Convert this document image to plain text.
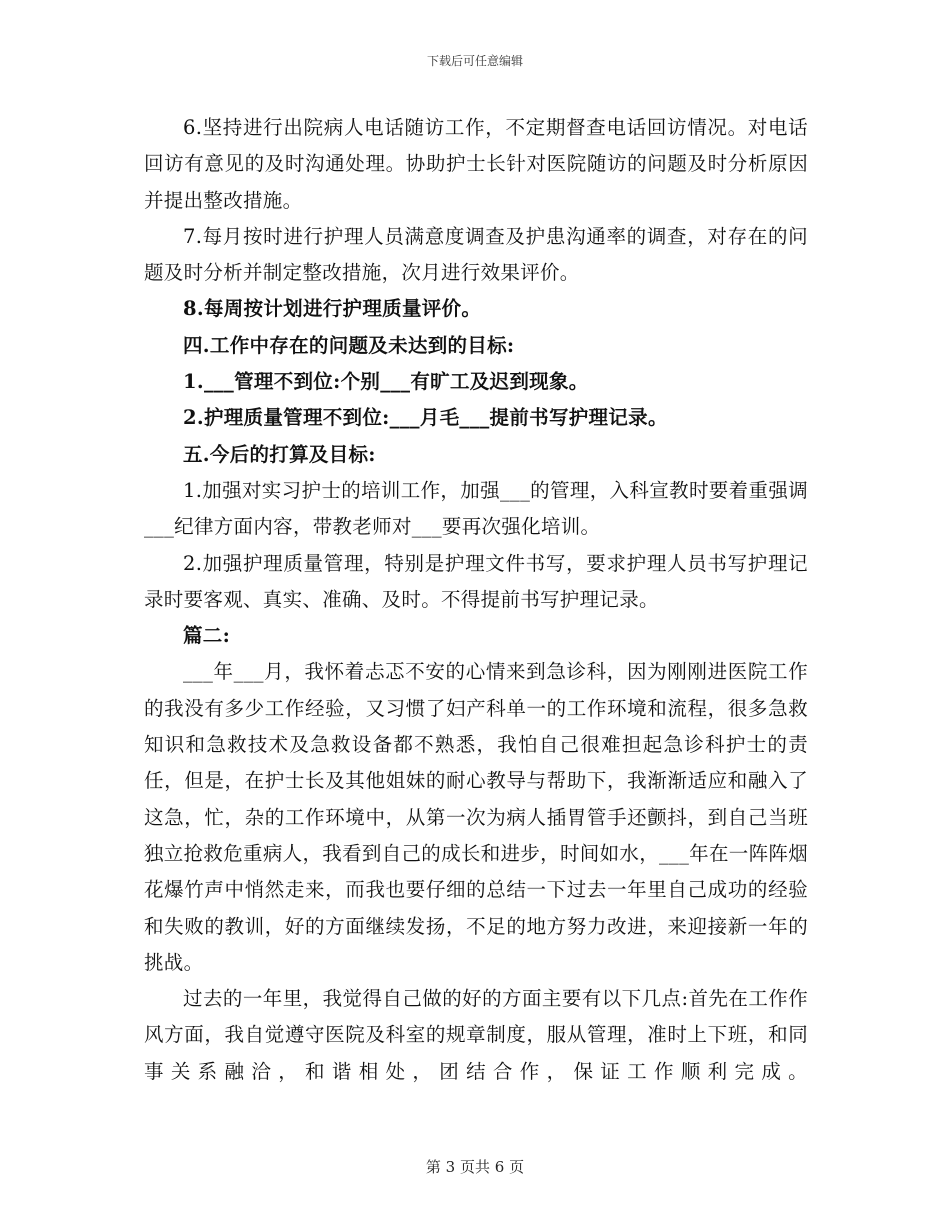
下载后可任意编辑

6.坚持进行出院病人电话随访工作，不定期督查电话回访情况。对电话回访有意见的及时沟通处理。协助护士长针对医院随访的问题及时分析原因并提出整改措施。

7.每月按时进行护理人员满意度调查及护患沟通率的调查，对存在的问题及时分析并制定整改措施，次月进行效果评价。

8.每周按计划进行护理质量评价。

四.工作中存在的问题及未达到的目标:

1.___管理不到位:个别___有旷工及迟到现象。

2.护理质量管理不到位:___月毛___提前书写护理记录。

五.今后的打算及目标:

1.加强对实习护士的培训工作，加强___的管理，入科宣教时要着重强调___纪律方面内容，带教老师对___要再次强化培训。

2.加强护理质量管理，特别是护理文件书写，要求护理人员书写护理记录时要客观、真实、准确、及时。不得提前书写护理记录。

篇二:

___年___月，我怀着忐忑不安的心情来到急诊科，因为刚刚进医院工作的我没有多少工作经验，又习惯了妇产科单一的工作环境和流程，很多急救知识和急救技术及急救设备都不熟悉，我怕自己很难担起急诊科护士的责任，但是，在护士长及其他姐妹的耐心教导与帮助下，我渐渐适应和融入了这急，忙，杂的工作环境中，从第一次为病人插胃管手还颤抖，到自己当班独立抢救危重病人，我看到自己的成长和进步，时间如水，___年在一阵阵烟花爆竹声中悄然走来，而我也要仔细的总结一下过去一年里自己成功的经验和失败的教训，好的方面继续发扬，不足的地方努力改进，来迎接新一年的挑战。

过去的一年里，我觉得自己做的好的方面主要有以下几点:首先在工作作风方面，我自觉遵守医院及科室的规章制度，服从管理，准时上下班，和同事关系融洽，和谐相处，团结合作，保证工作顺利完成。

第 3 页共 6 页
